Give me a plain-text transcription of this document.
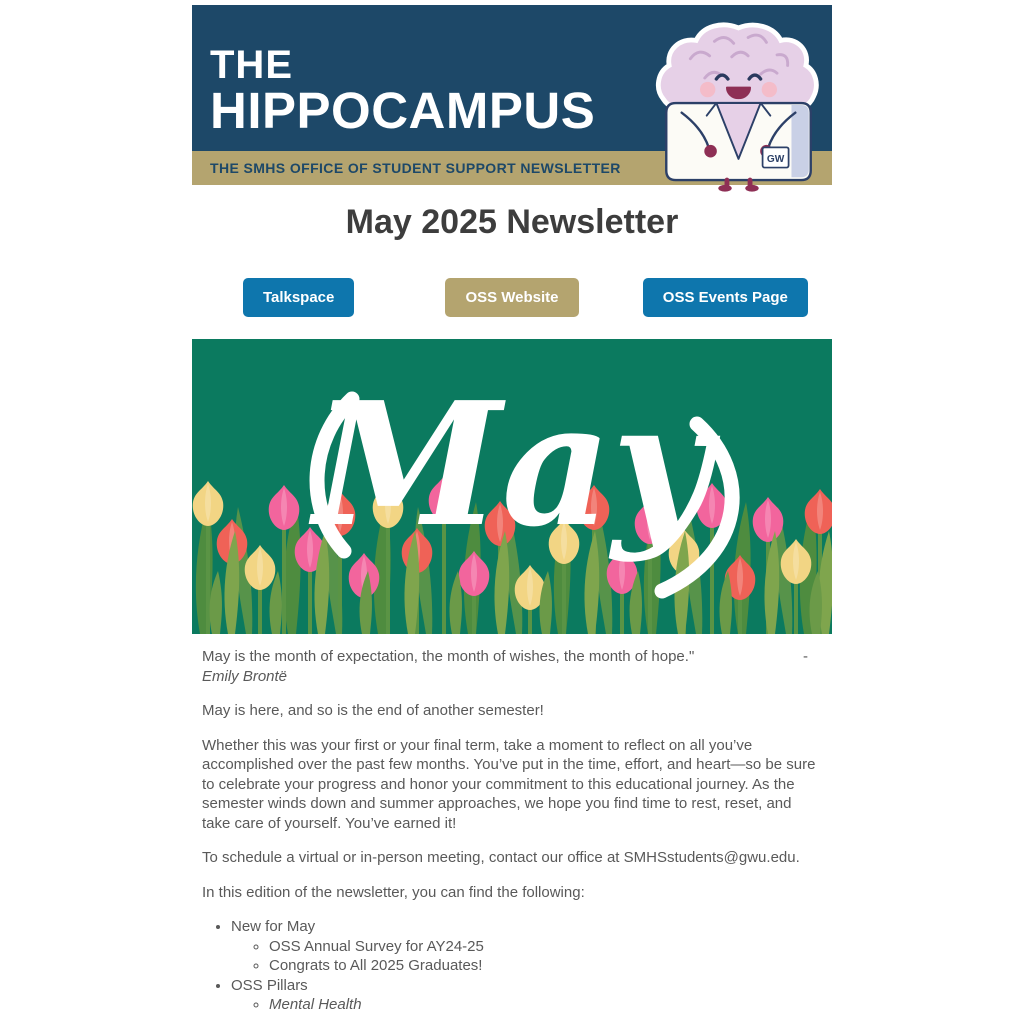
THE
HIPPOCAMPUS
THE SMHS OFFICE OF STUDENT SUPPORT NEWSLETTER
GW
May 2025 Newsletter
Talkspace	OSS Website	OSS Events Page
May
May is the month of expectation, the month of wishes, the month of hope."	-
Emily Brontë

May is here, and so is the end of another semester!

Whether this was your first or your final term, take a moment to reflect on all you’ve accomplished over the past few months. You’ve put in the time, effort, and heart—so be sure to celebrate your progress and honor your commitment to this educational journey. As the semester winds down and summer approaches, we hope you find time to rest, reset, and take care of yourself. You’ve earned it!

To schedule a virtual or in-person meeting, contact our office at SMHSstudents@gwu.edu.

In this edition of the newsletter, you can find the following:

• New for May
◦ OSS Annual Survey for AY24-25
◦ Congrats to All 2025 Graduates!
• OSS Pillars
◦ Mental Health
